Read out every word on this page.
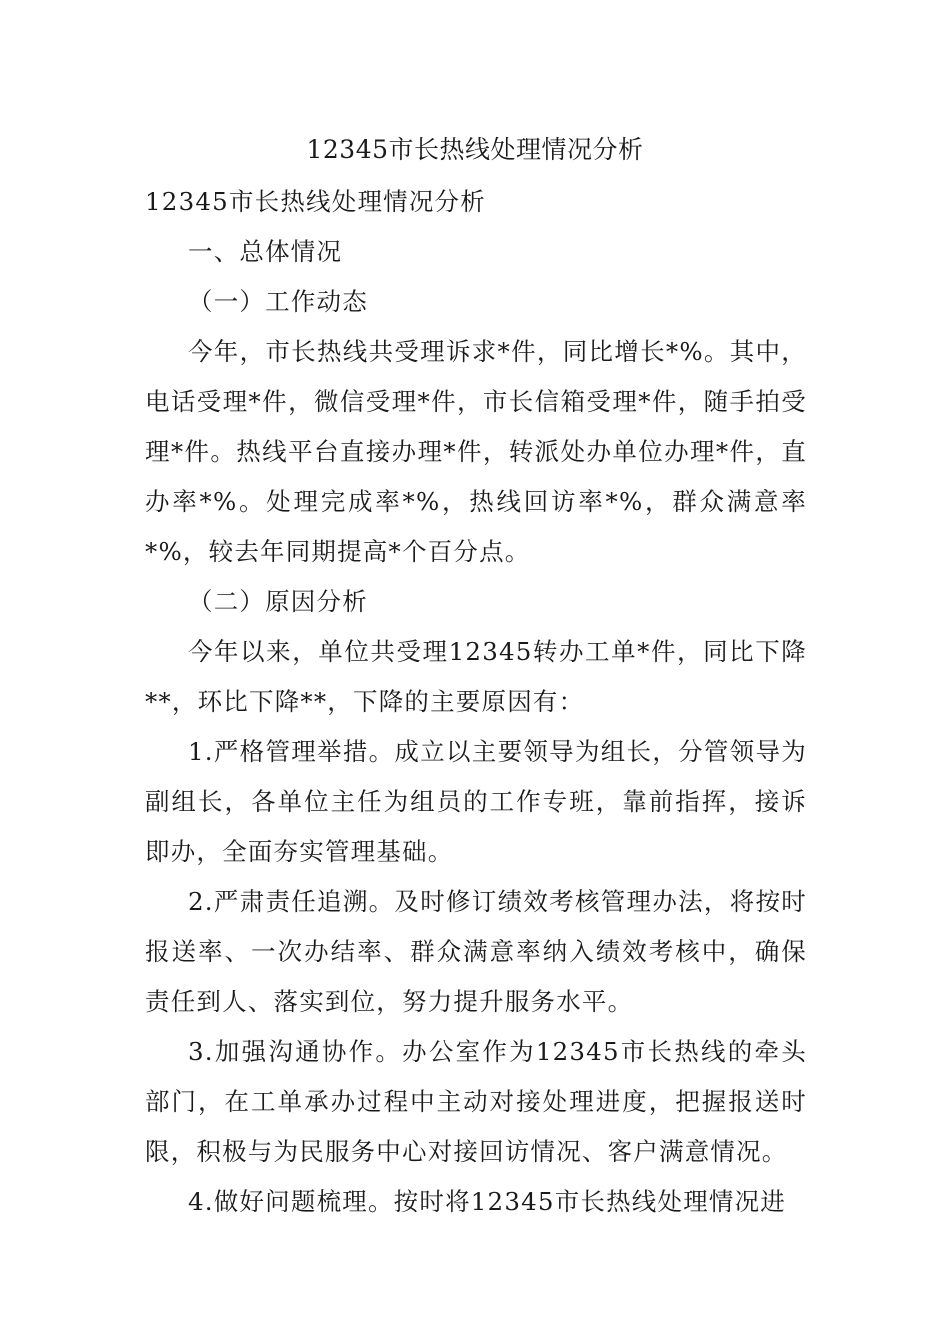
12345市长热线处理情况分析

12345市长热线处理情况分析

一、总体情况

（一）工作动态

今年，市长热线共受理诉求*件，同比增长*%。其中，电话受理*件，微信受理*件，市长信箱受理*件，随手拍受理*件。热线平台直接办理*件，转派处办单位办理*件，直办率*%。处理完成率*%，热线回访率*%，群众满意率*%，较去年同期提高*个百分点。

（二）原因分析

今年以来，单位共受理12345转办工单*件，同比下降**，环比下降**，下降的主要原因有：

1.严格管理举措。成立以主要领导为组长，分管领导为副组长，各单位主任为组员的工作专班，靠前指挥，接诉即办，全面夯实管理基础。

2.严肃责任追溯。及时修订绩效考核管理办法，将按时报送率、一次办结率、群众满意率纳入绩效考核中，确保责任到人、落实到位，努力提升服务水平。

3.加强沟通协作。办公室作为12345市长热线的牵头部门，在工单承办过程中主动对接处理进度，把握报送时限，积极与为民服务中心对接回访情况、客户满意情况。

4.做好问题梳理。按时将12345市长热线处理情况进
